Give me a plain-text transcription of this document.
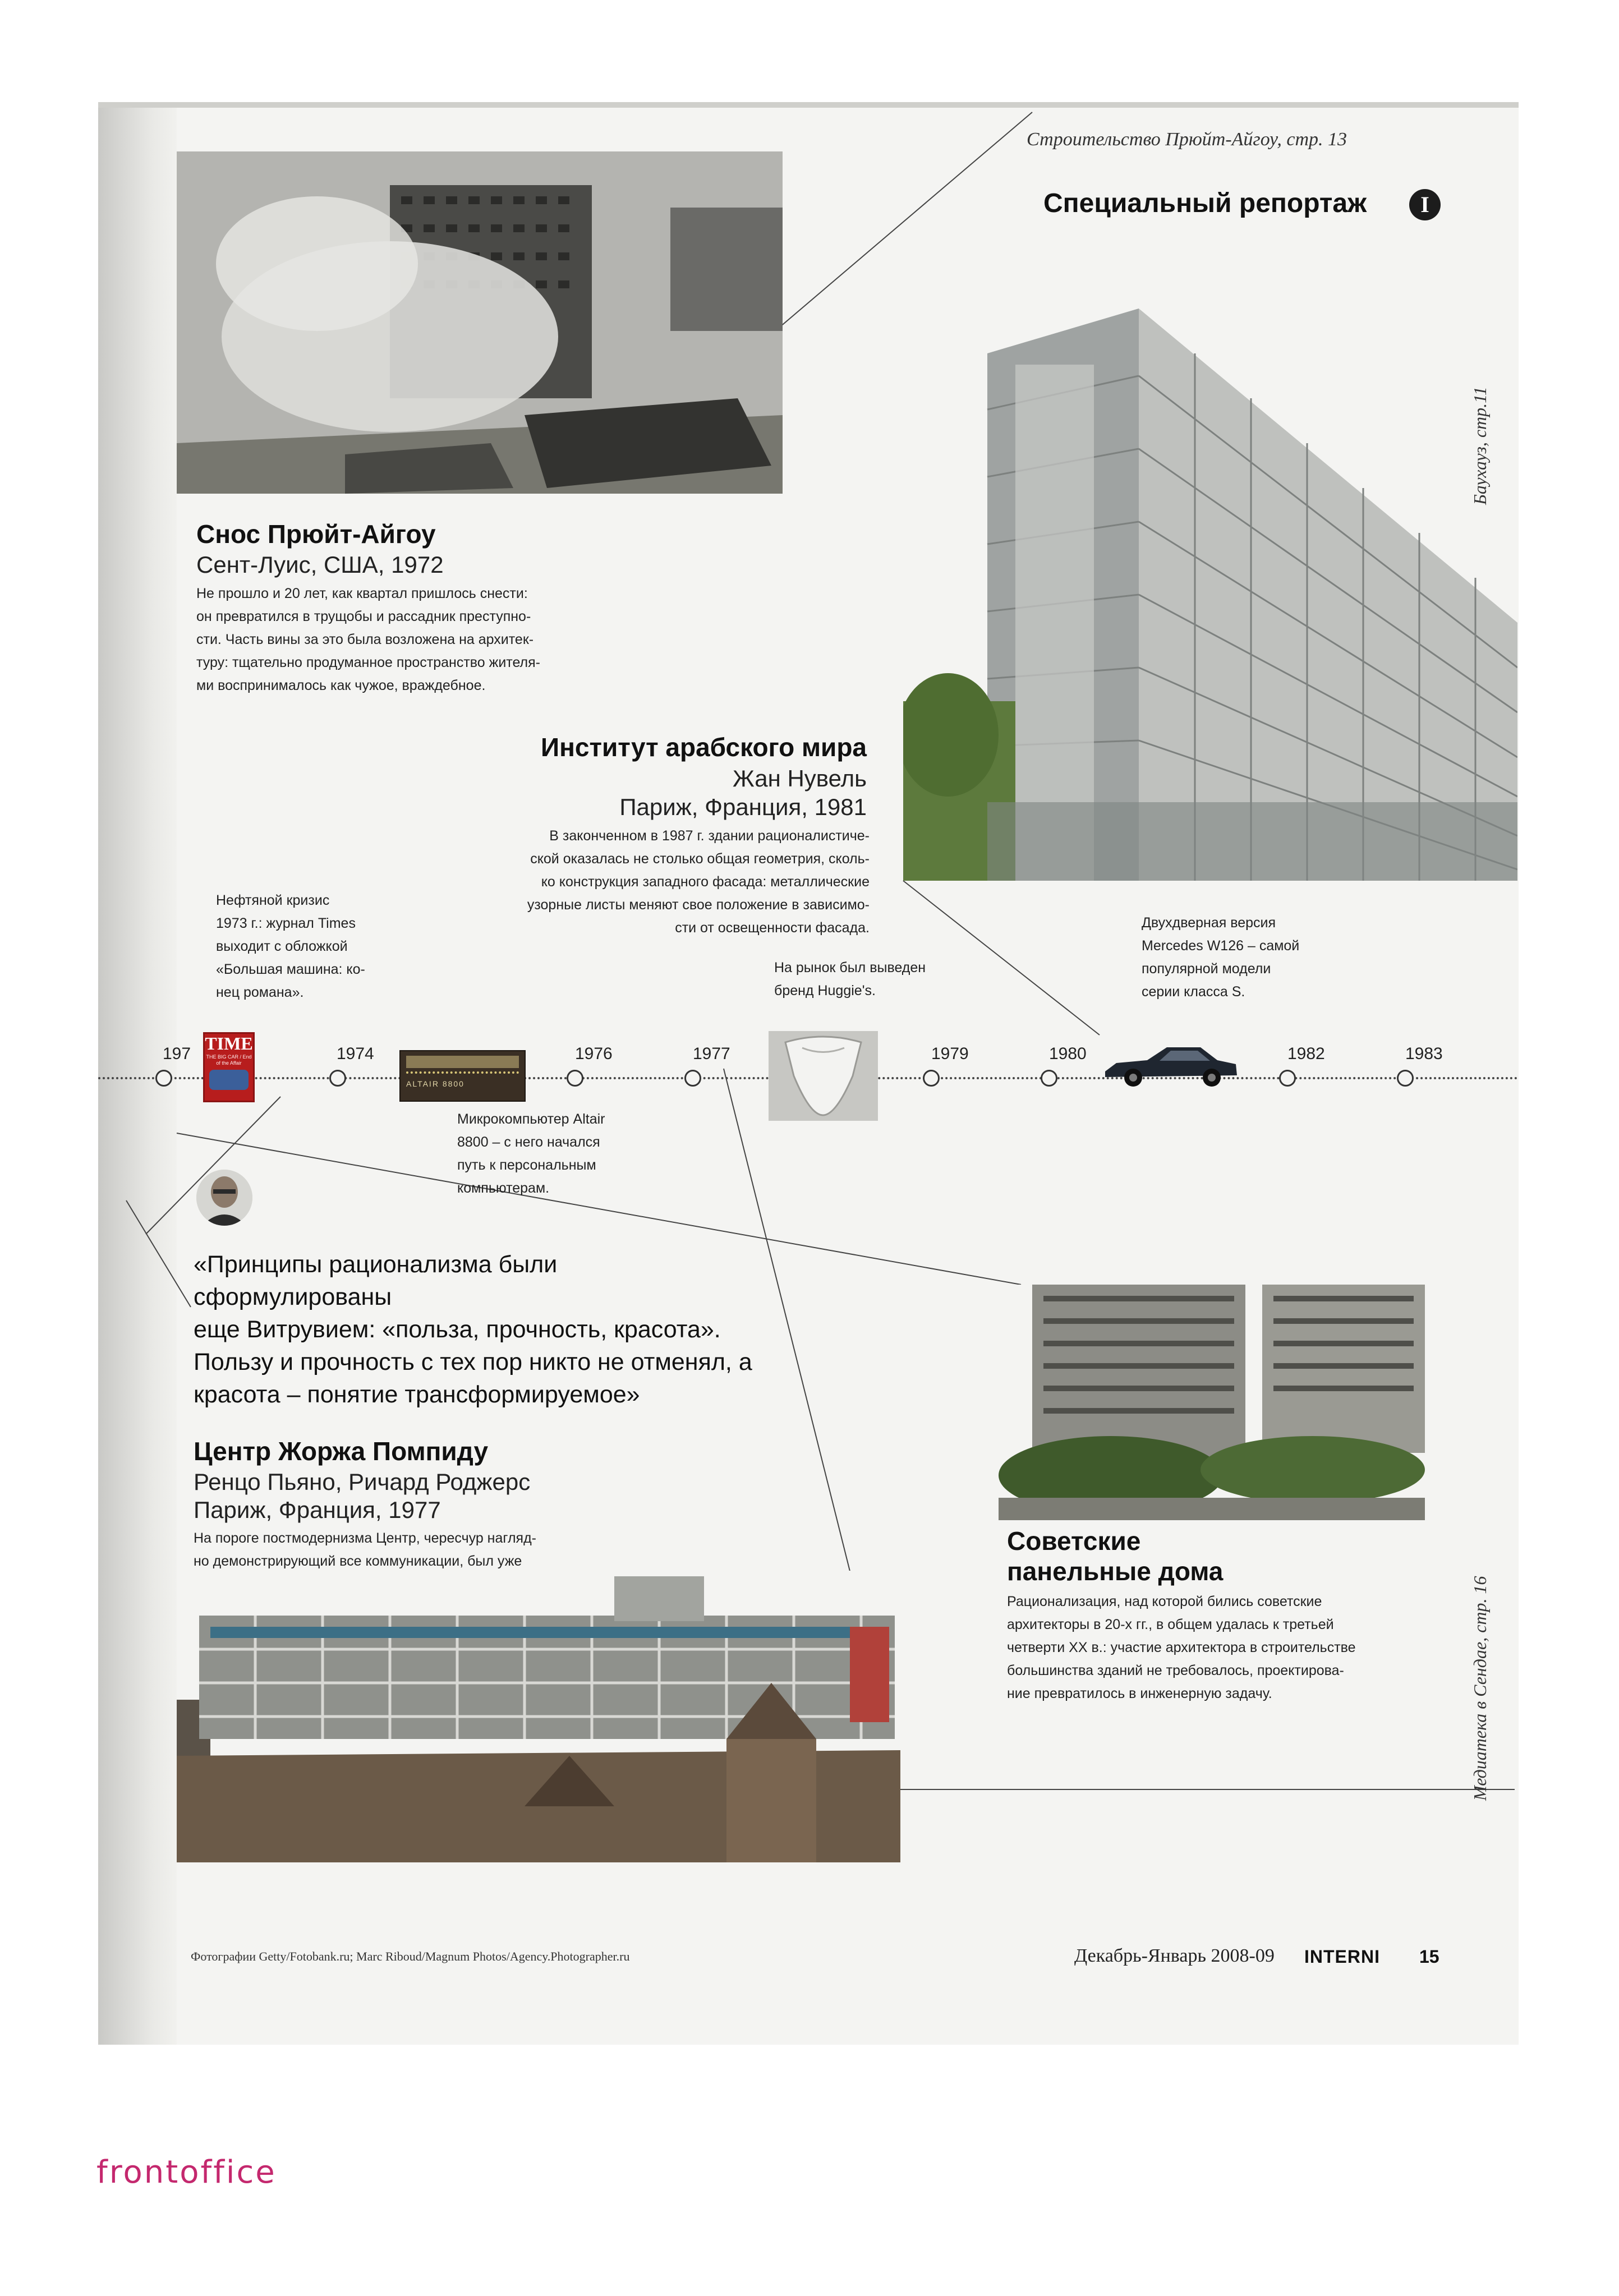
Строительство Прюйт-Айгоу, стр. 13
Специальный репортаж	I
Снос Прюйт-Айгоу
Сент-Луис, США, 1972
Не прошло и 20 лет, как квартал пришлось снести:
он превратился в трущобы и рассадник преступно-
сти. Часть вины за это была возложена на архитек-
туру: тщательно продуманное пространство жителя-
ми воспринималось как чужое, враждебное.
Баухауз, стр.11
Медиатека в Сендае, стр. 16
Институт арабского мира
Жан Нувель
Париж, Франция, 1981
В законченном в 1987 г. здании рационалистиче-
ской оказалась не столько общая геометрия, сколь-
ко конструкция западного фасада: металлические
узорные листы меняют свое положение в зависимо-
сти от освещенности фасада.
Нефтяной кризис
1973 г.: журнал Times
выходит с обложкой
«Большая машина: ко-
нец романа».
На рынок был выведен
бренд Huggie's.
Двухдверная версия
Mercedes W126 – самой
популярной модели
серии класса S.
197	1974	1976	1977	1979	1980	1982	1983
TIME
THE BIG CAR / End of the Affair
ALTAIR 8800
Микрокомпьютер Altair
8800 – с него начался
путь к персональным
компьютерам.
«Принципы рационализма были сформулированы
еще Витрувием: «польза, прочность, красота».
Пользу и прочность с тех пор никто не отменял, а
красота – понятие трансформируемое»
Советские
панельные дома
Рационализация, над которой бились советские
архитекторы в 20-х гг., в общем удалась к третьей
четверти XX в.: участие архитектора в строительстве
большинства зданий не требовалось, проектирова-
ние превратилось в инженерную задачу.
Центр Жоржа Помпиду
Ренцо Пьяно, Ричард Роджерс
Париж, Франция, 1977
На пороге постмодернизма Центр, чересчур нагляд-
но демонстрирующий все коммуникации, был уже
Фотографии Getty/Fotobank.ru; Marc Riboud/Magnum Photos/Agency.Photographer.ru	Декабрь-Январь 2008-09 INTERNI 15
frontoffice
